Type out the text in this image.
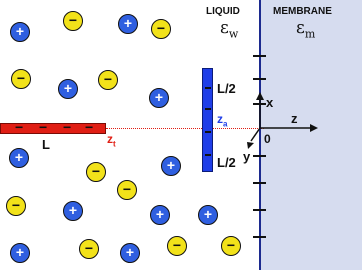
LIQUID	MEMBRANE
$\varepsilon_w$	$\varepsilon_m$
− − − −
L	$z_t$
L/2
$z_a$
L/2
x
z
y
0
+
−	+	−
−
+
−
+
+
−	+
−
−	+	+	+
+	−	+	−	−
